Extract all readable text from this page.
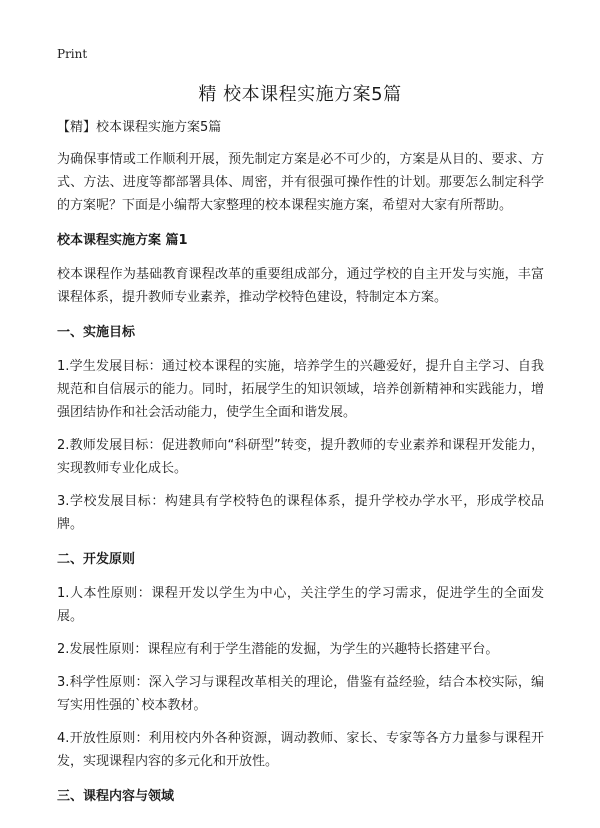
Print
精 校本课程实施方案5篇
【精】校本课程实施方案5篇

为确保事情或工作顺利开展，预先制定方案是必不可少的，方案是从目的、要求、方式、方法、进度等都部署具体、周密，并有很强可操作性的计划。那要怎么制定科学的方案呢？下面是小编帮大家整理的校本课程实施方案，希望对大家有所帮助。

校本课程实施方案 篇1

校本课程作为基础教育课程改革的重要组成部分，通过学校的自主开发与实施，丰富课程体系，提升教师专业素养，推动学校特色建设，特制定本方案。

一、实施目标

1.学生发展目标：通过校本课程的实施，培养学生的兴趣爱好，提升自主学习、自我规范和自信展示的能力。同时，拓展学生的知识领域，培养创新精神和实践能力，增强团结协作和社会活动能力，使学生全面和谐发展。

2.教师发展目标：促进教师向“科研型”转变，提升教师的专业素养和课程开发能力，实现教师专业化成长。

3.学校发展目标：构建具有学校特色的课程体系，提升学校办学水平，形成学校品牌。

二、开发原则

1.人本性原则：课程开发以学生为中心，关注学生的学习需求，促进学生的全面发展。

2.发展性原则：课程应有利于学生潜能的发掘，为学生的兴趣特长搭建平台。

3.科学性原则：深入学习与课程改革相关的理论，借鉴有益经验，结合本校实际，编写实用性强的`校本教材。

4.开放性原则：利用校内外各种资源，调动教师、家长、专家等各方力量参与课程开发，实现课程内容的多元化和开放性。

三、课程内容与领域
